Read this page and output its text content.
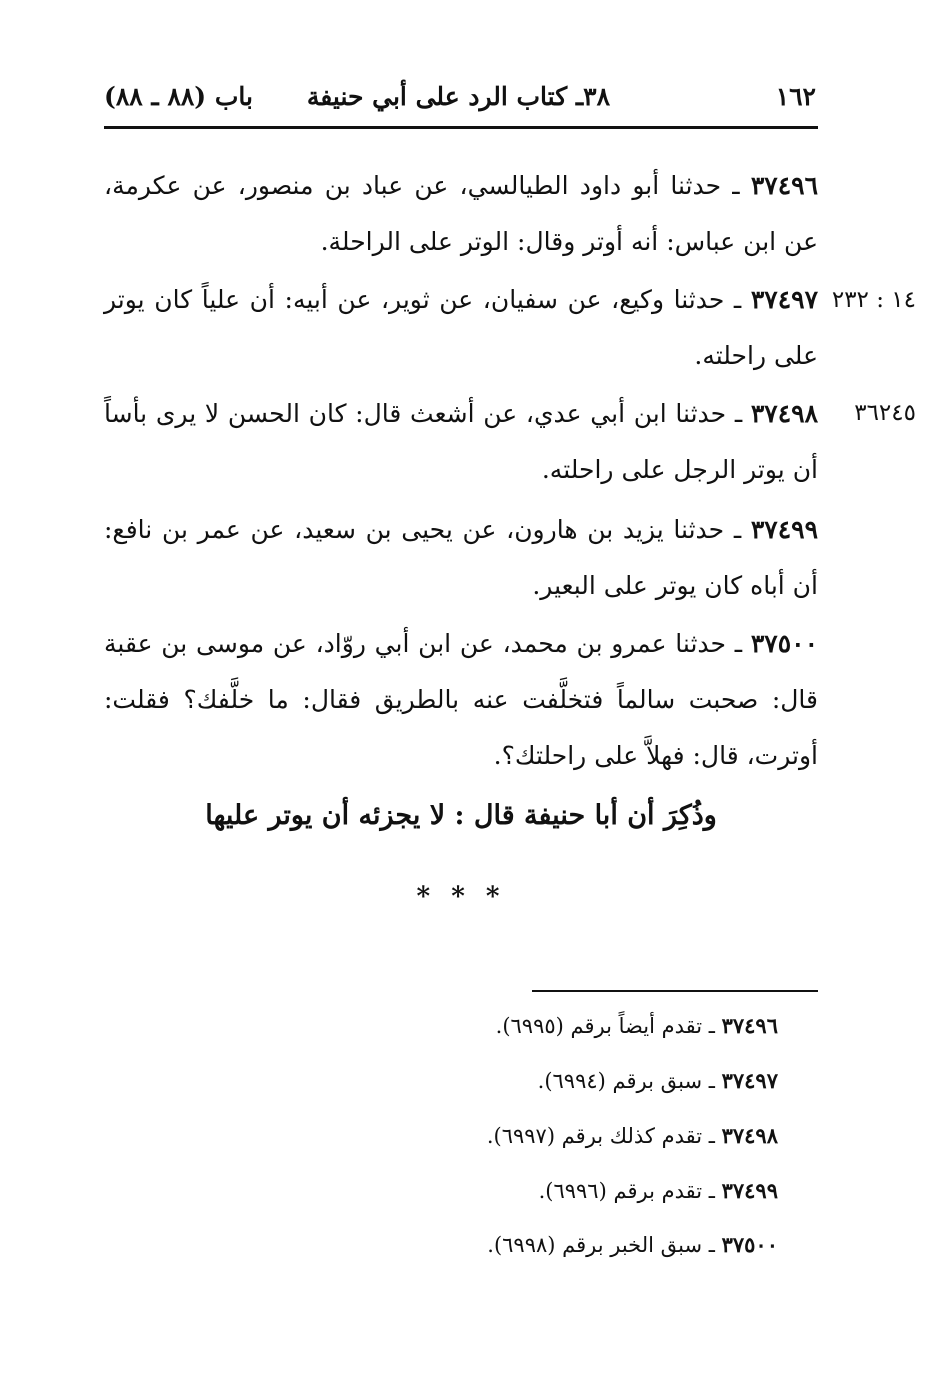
١٦٢
٣٨ـ كتاب الرد على أبي حنيفة
باب (٨٨ ـ ٨٨)
٣٧٤٩٦ ـ حدثنا أبو داود الطيالسي، عن عباد بن منصور، عن عكرمة، عن ابن عباس: أنه أوتر وقال: الوتر على الراحلة.
٣٧٤٩٧ ـ حدثنا وكيع، عن سفيان، عن ثوير، عن أبيه: أن علياً كان يوتر على راحلته.
١٤ : ٢٣٢
٣٧٤٩٨ ـ حدثنا ابن أبي عدي، عن أشعث قال: كان الحسن لا يرى بأساً أن يوتر الرجل على راحلته.
٣٦٢٤٥
٣٧٤٩٩ ـ حدثنا يزيد بن هارون، عن يحيى بن سعيد، عن عمر بن نافع: أن أباه كان يوتر على البعير.
٣٧٥٠٠ ـ حدثنا عمرو بن محمد، عن ابن أبي روّاد، عن موسى بن عقبة قال: صحبت سالماً فتخلَّفت عنه بالطريق فقال: ما خلَّفك؟ فقلت: أوترت، قال: فهلاَّ على راحلتك؟.
وذُكِرَ أن أبا حنيفة قال : لا يجزئه أن يوتر عليها
* * *
٣٧٤٩٦ ـ تقدم أيضاً برقم (٦٩٩٥).
٣٧٤٩٧ ـ سبق برقم (٦٩٩٤).
٣٧٤٩٨ ـ تقدم كذلك برقم (٦٩٩٧).
٣٧٤٩٩ ـ تقدم برقم (٦٩٩٦).
٣٧٥٠٠ ـ سبق الخبر برقم (٦٩٩٨).
